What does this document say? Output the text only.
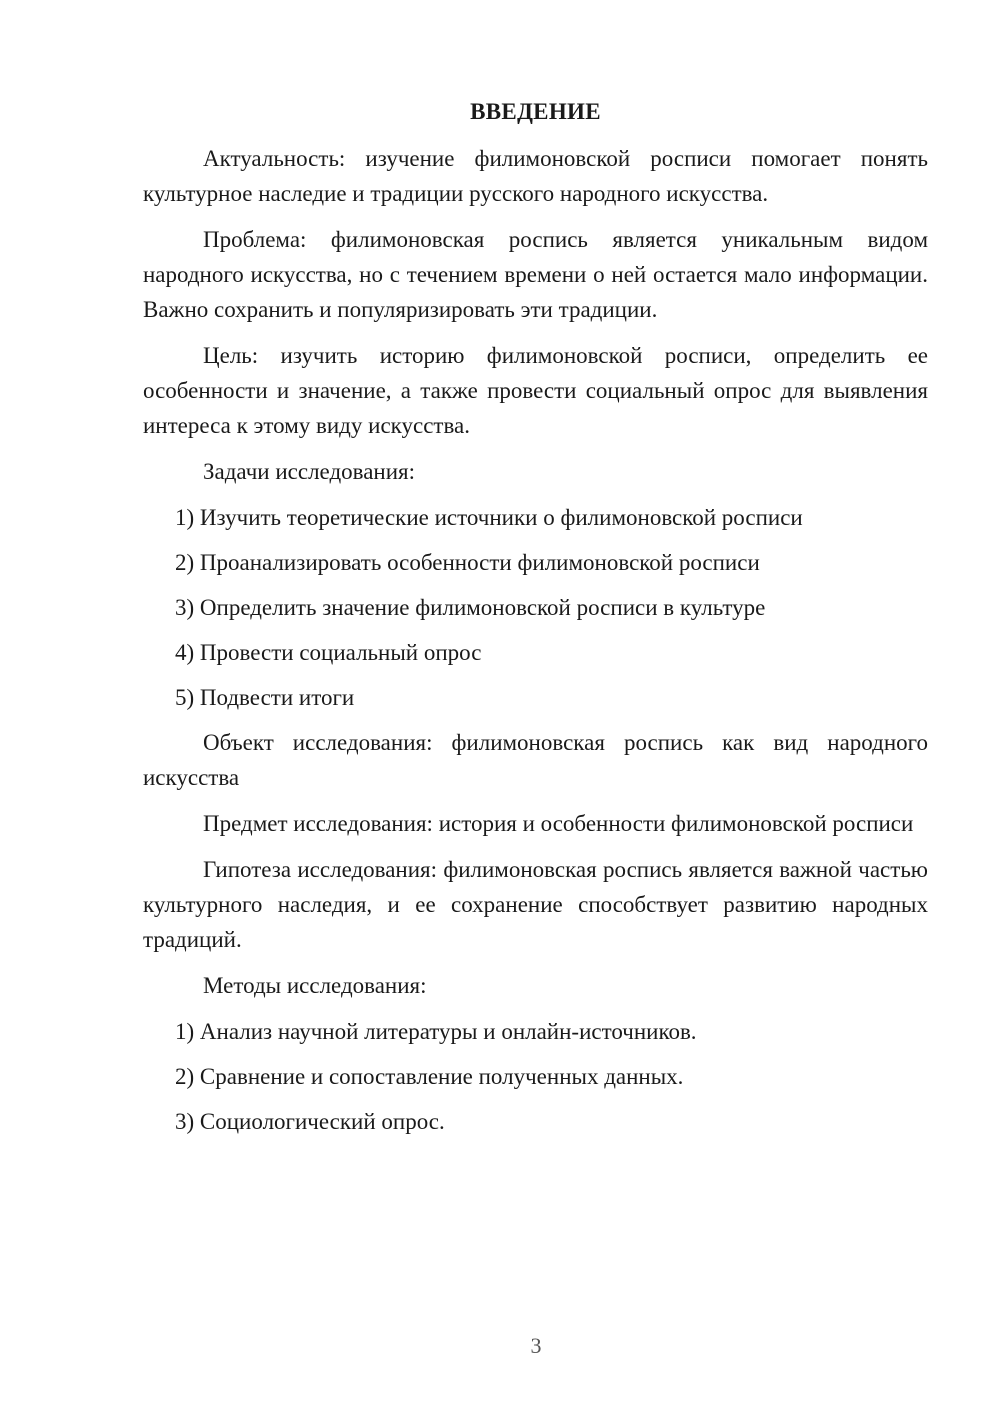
ВВЕДЕНИЕ

Актуальность: изучение филимоновской росписи помогает понять культурное наследие и традиции русского народного искусства.

Проблема: филимоновская роспись является уникальным видом народного искусства, но с течением времени о ней остается мало информации. Важно сохранить и популяризировать эти традиции.

Цель: изучить историю филимоновской росписи, определить ее особенности и значение, а также провести социальный опрос для выявления интереса к этому виду искусства.

Задачи исследования:

1) Изучить теоретические источники о филимоновской росписи
2) Проанализировать особенности филимоновской росписи
3) Определить значение филимоновской росписи в культуре
4) Провести социальный опрос
5) Подвести итоги

Объект исследования: филимоновская роспись как вид народного искусства

Предмет исследования: история и особенности филимоновской росписи

Гипотеза исследования: филимоновская роспись является важной частью культурного наследия, и ее сохранение способствует развитию народных традиций.

Методы исследования:

1) Анализ научной литературы и онлайн-источников.
2) Сравнение и сопоставление полученных данных.
3) Социологический опрос.
3
